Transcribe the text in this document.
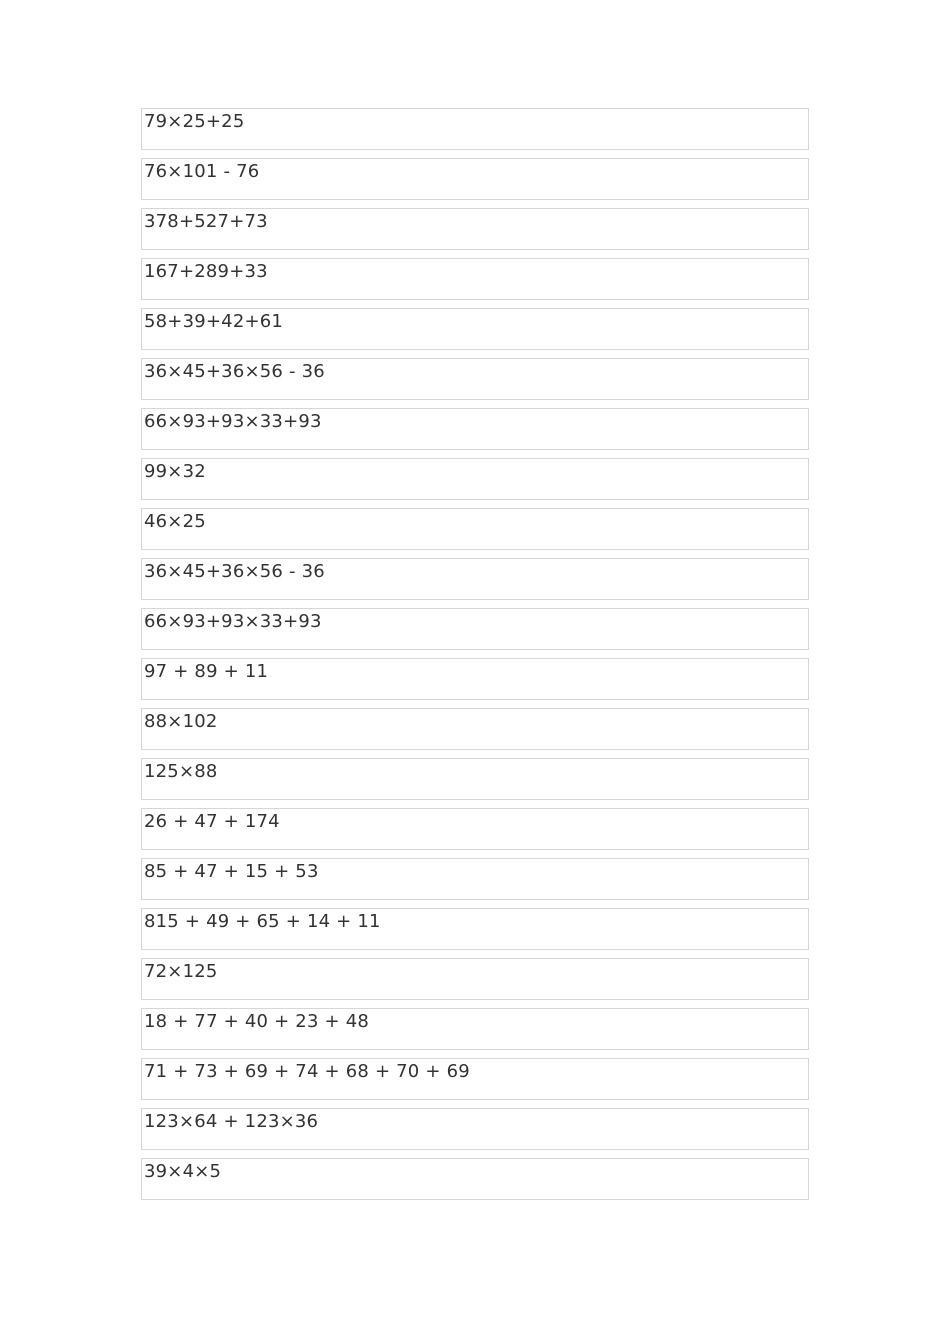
79×25+25
76×101 - 76
378+527+73
167+289+33
58+39+42+61
36×45+36×56 - 36
66×93+93×33+93
99×32
46×25
36×45+36×56 - 36
66×93+93×33+93
97 + 89 + 11
88×102
125×88
26 + 47 + 174
85 + 47 + 15 + 53
815 + 49 + 65 + 14 + 11
72×125
18 + 77 + 40 + 23 + 48
71 + 73 + 69 + 74 + 68 + 70 + 69
123×64 + 123×36
39×4×5
